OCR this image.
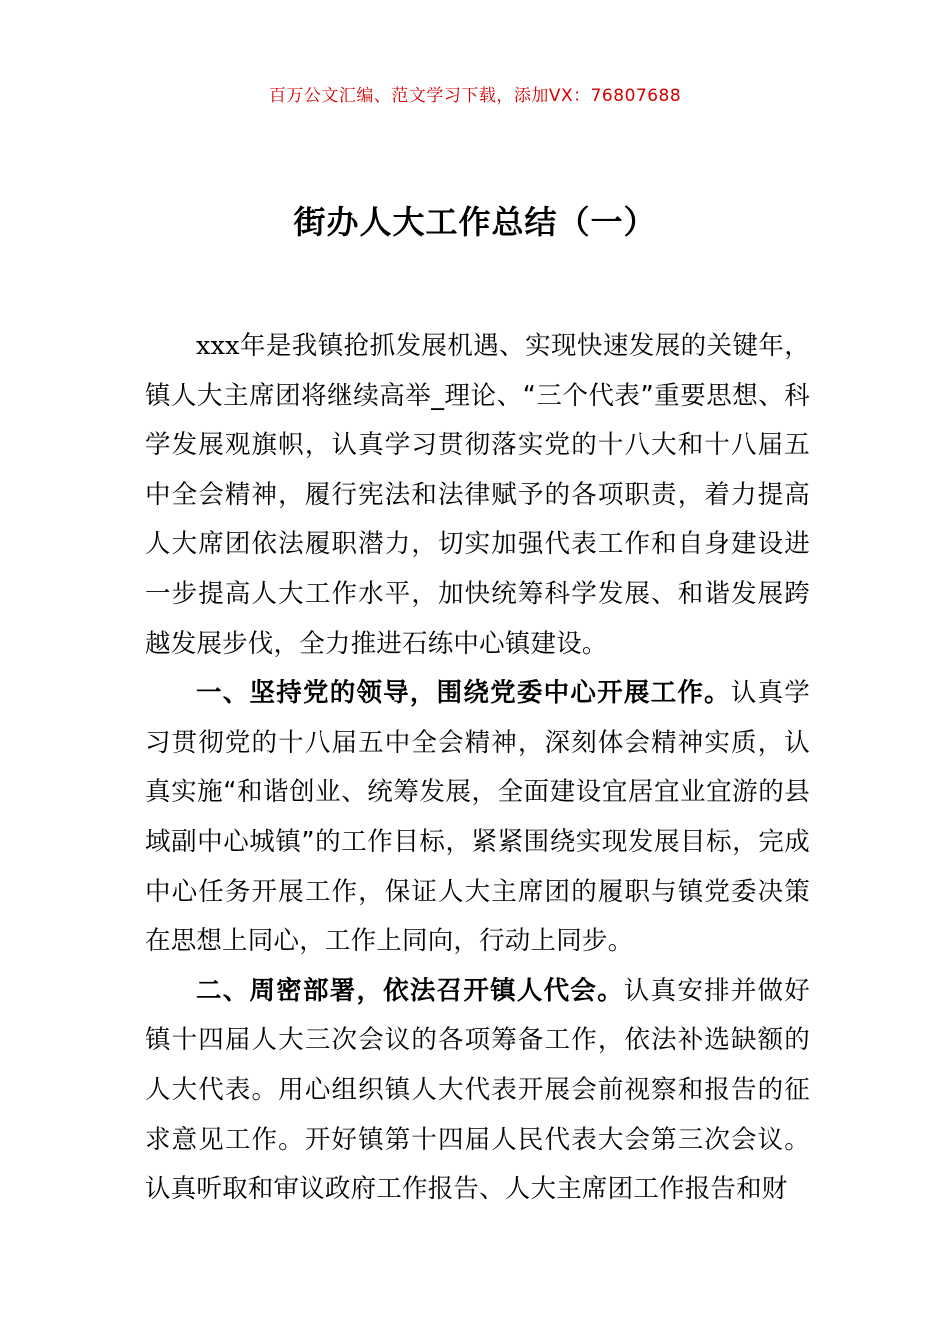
百万公文汇编、范文学习下载，添加VX：76807688
街办人大工作总结（一）

xxx年是我镇抢抓发展机遇、实现快速发展的关键年，镇人大主席团将继续高举_理论、“三个代表”重要思想、科学发展观旗帜，认真学习贯彻落实党的十八大和十八届五中全会精神，履行宪法和法律赋予的各项职责，着力提高人大席团依法履职潜力，切实加强代表工作和自身建设进一步提高人大工作水平，加快统筹科学发展、和谐发展跨越发展步伐，全力推进石练中心镇建设。

一、坚持党的领导，围绕党委中心开展工作。认真学习贯彻党的十八届五中全会精神，深刻体会精神实质，认真实施“和谐创业、统筹发展，全面建设宜居宜业宜游的县域副中心城镇”的工作目标，紧紧围绕实现发展目标，完成中心任务开展工作，保证人大主席团的履职与镇党委决策在思想上同心，工作上同向，行动上同步。

二、周密部署，依法召开镇人代会。认真安排并做好镇十四届人大三次会议的各项筹备工作，依法补选缺额的人大代表。用心组织镇人大代表开展会前视察和报告的征求意见工作。开好镇第十四届人民代表大会第三次会议。认真听取和审议政府工作报告、人大主席团工作报告和财
